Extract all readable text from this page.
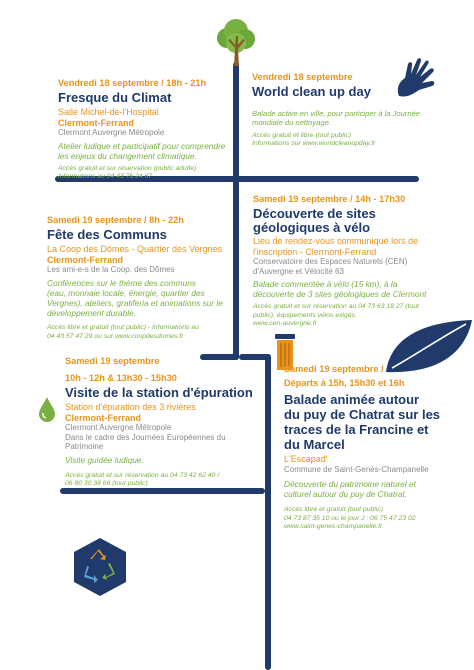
Vendredi 18 septembre / 18h - 21h
Fresque du Climat
Salle Michel-de-l'Hospital
Clermont-Ferrand
Clermont Auvergne Métropole
Atelier ludique et participatif pour comprendre
les enjeux du changement climatique.
Accès gratuit et sur réservation (public adulte)
Informations au 04 43 76 24 67
Vendredi 18 septembre
World clean up day
Balade active en ville, pour participer à la Journée
mondiale du nettoyage.
Accès gratuit et libre (tout public)
Informations sur www.worldcleanupday.fr
Samedi 19 septembre / 8h - 22h
Fête des Communs
La Coop des Dômes - Quartier des Vergnes
Clermont-Ferrand
Les ami-e-s de la Coop. des Dômes
Conférences sur le thème des communs
(eau, monnaie locale, énergie, quartier des
Vergnes), ateliers, gratiferia et animations sur le
développement durable.
Accès libre et gratuit (tout public) - Informations au
04 43 57 47 29 ou sur www.coopdesdomes.fr
Samedi 19 septembre / 14h - 17h30
Découverte de sites
géologiques à vélo
Lieu de rendez-vous communiqué lors de
l'inscription - Clermont-Ferrand
Conservatoire des Espaces Naturels (CEN)
d'Auvergne et Vélocité 63
Balade commentée à vélo (15 km), à la
découverte de 3 sites géologiques de Clermont
Accès gratuit et sur réservation au 04 73 63 18 27 (tout
public), équipements vélos exigés.
www.cen-auvergne.fr
Samedi 19 septembre
10h - 12h & 13h30 - 15h30
Visite de la station d'épuration
Station d'épuration des 3 rivières
Clermont-Ferrand
Clermont Auvergne Métropole
Dans le cadre des Journées Européennes du Patrimoine
Visite guidée ludique.
Accès gratuit et sur réservation au 04 73 42 62 40 /
06 80 30 38 66 (tout public)
Samedi 19 septembre /
Départs à 15h, 15h30 et 16h
Balade animée autour
du puy de Chatrat sur les
traces de la Francine et
du Marcel
L'Escapad'
Commune de Saint-Genès-Champanelle
Découverte du patrimoine naturel et
culturel autour du puy de Chatrat.
Accès libre et gratuit (tout public)
04 73 87 35 10 ou le jour J : 06 75 47 23 02
www.saint-genes-champanelle.fr
